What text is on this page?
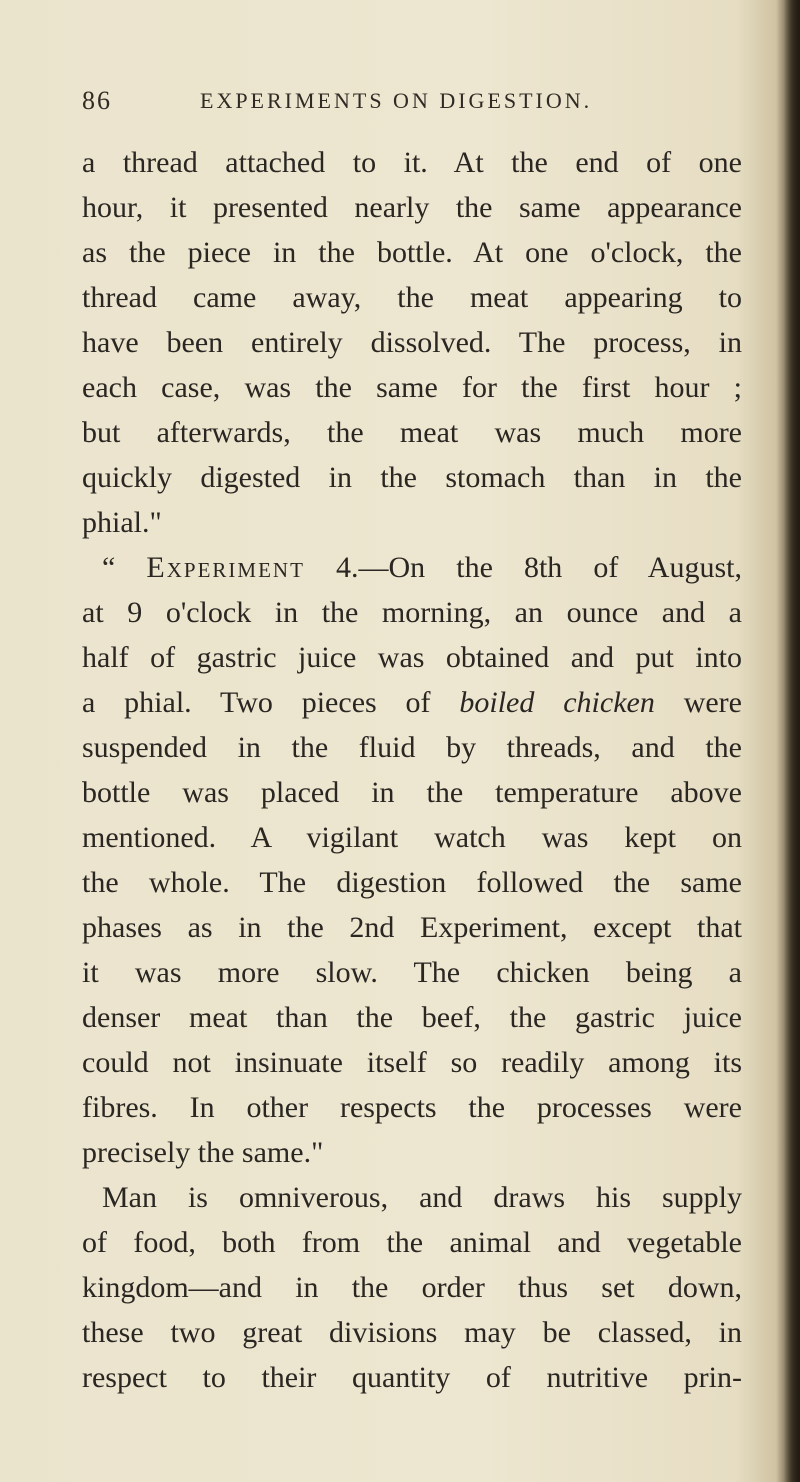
86	EXPERIMENTS ON DIGESTION.
a thread attached to it. At the end of one
hour, it presented nearly the same appearance
as the piece in the bottle. At one o'clock, the
thread came away, the meat appearing to
have been entirely dissolved. The process, in
each case, was the same for the first hour ;
but afterwards, the meat was much more
quickly digested in the stomach than in the
phial."
“ Experiment 4.—On the 8th of August,
at 9 o'clock in the morning, an ounce and a
half of gastric juice was obtained and put into
a phial. Two pieces of boiled chicken were
suspended in the fluid by threads, and the
bottle was placed in the temperature above
mentioned. A vigilant watch was kept on
the whole. The digestion followed the same
phases as in the 2nd Experiment, except that
it was more slow. The chicken being a
denser meat than the beef, the gastric juice
could not insinuate itself so readily among its
fibres. In other respects the processes were
precisely the same."
Man is omniverous, and draws his supply
of food, both from the animal and vegetable
kingdom—and in the order thus set down,
these two great divisions may be classed, in
respect to their quantity of nutritive prin-
